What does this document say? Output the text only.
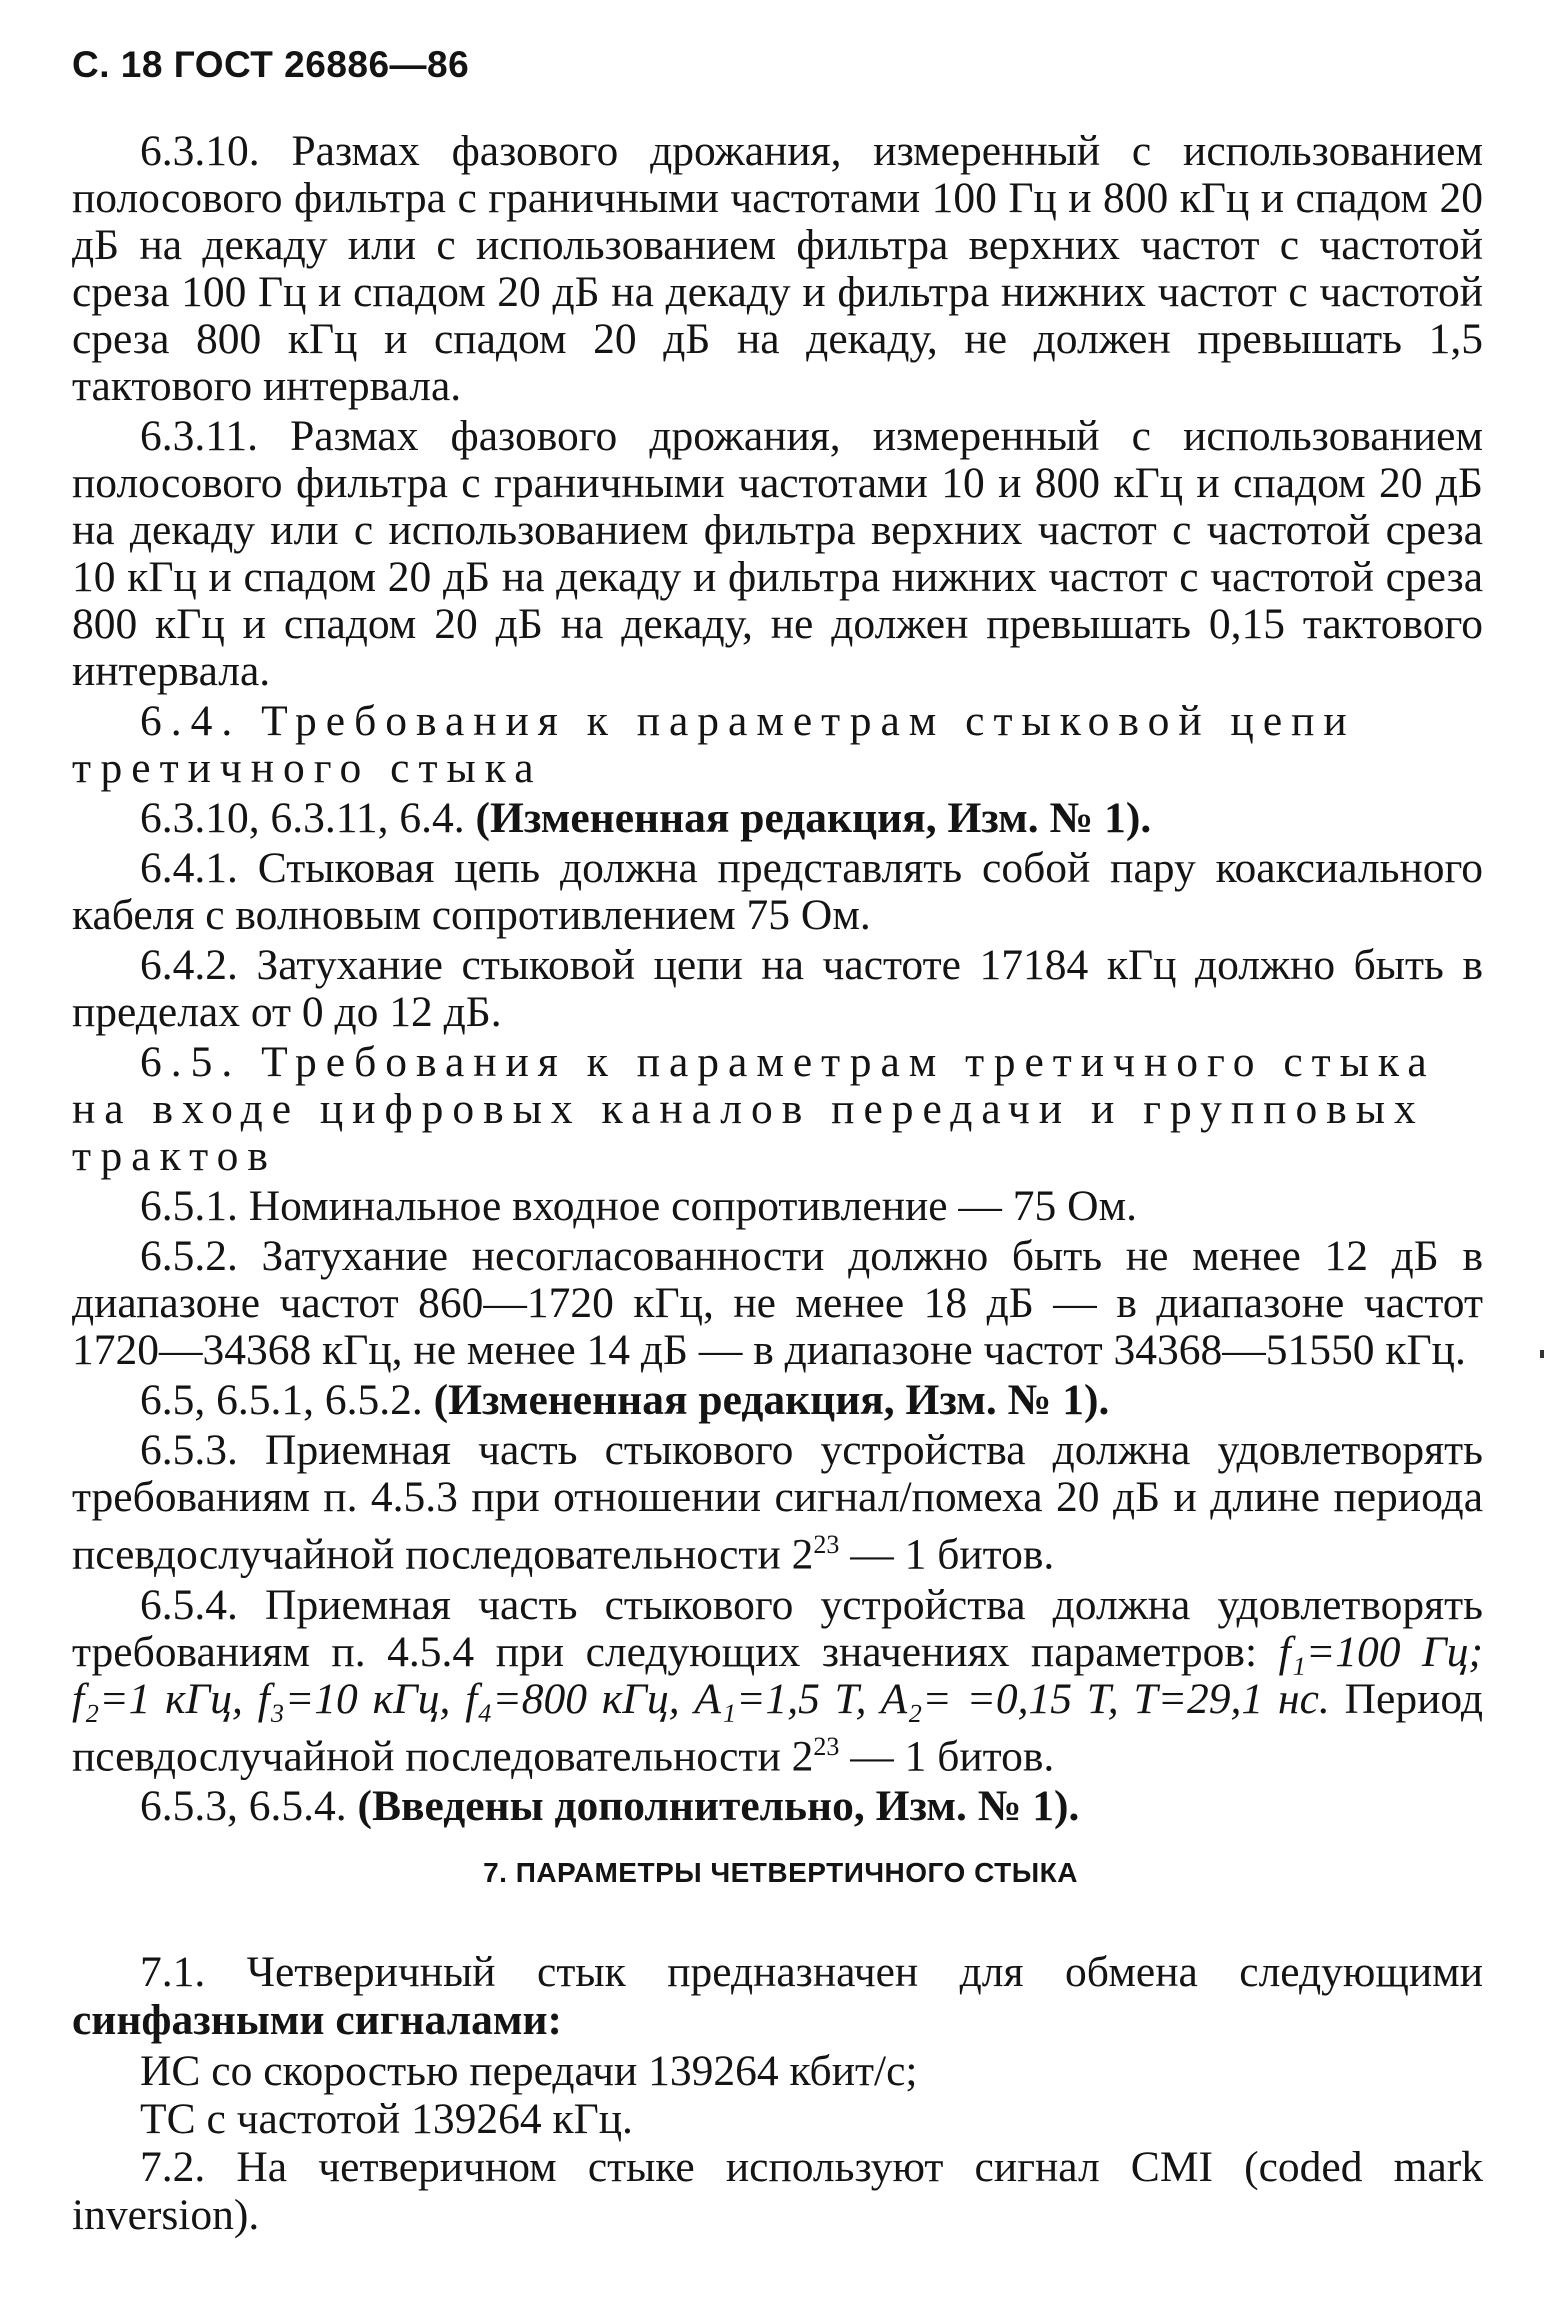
С. 18 ГОСТ 26886—86

6.3.10. Размах фазового дрожания, измеренный с использованием полосового фильтра с граничными частотами 100 Гц и 800 кГц и спадом 20 дБ на декаду или с использованием фильтра верхних частот с частотой среза 100 Гц и спадом 20 дБ на декаду и фильтра нижних частот с частотой среза 800 кГц и спадом 20 дБ на декаду, не должен превышать 1,5 тактового интервала.

6.3.11. Размах фазового дрожания, измеренный с использованием полосового фильтра с граничными частотами 10 и 800 кГц и спадом 20 дБ на декаду или с использованием фильтра верхних частот с частотой среза 10 кГц и спадом 20 дБ на декаду и фильтра нижних частот с частотой среза 800 кГц и спадом 20 дБ на декаду, не должен превышать 0,15 тактового интервала.

6.4. Требования к параметрам стыковой цепи третичного стыка

6.3.10, 6.3.11, 6.4. (Измененная редакция, Изм. № 1).

6.4.1. Стыковая цепь должна представлять собой пару коаксиального кабеля с волновым сопротивлением 75 Ом.

6.4.2. Затухание стыковой цепи на частоте 17184 кГц должно быть в пределах от 0 до 12 дБ.

6.5. Требования к параметрам третичного стыка на входе цифровых каналов передачи и групповых трактов

6.5.1. Номинальное входное сопротивление — 75 Ом.

6.5.2. Затухание несогласованности должно быть не менее 12 дБ в диапазоне частот 860—1720 кГц, не менее 18 дБ — в диапазоне частот 1720—34368 кГц, не менее 14 дБ — в диапазоне частот 34368—51550 кГц.

6.5, 6.5.1, 6.5.2. (Измененная редакция, Изм. № 1).

6.5.3. Приемная часть стыкового устройства должна удовлетворять требованиям п. 4.5.3 при отношении сигнал/помеха 20 дБ и длине периода псевдослучайной последовательности $2^{23}$ — 1 битов.

6.5.4. Приемная часть стыкового устройства должна удовлетворять требованиям п. 4.5.4 при следующих значениях параметров: f₁=100 Гц; f₂=1 кГц, f₃=10 кГц, f₄=800 кГц, A₁=1,5 T, A₂= =0,15 T, T=29,1 нс. Период псевдослучайной последовательности $2^{23}$ — 1 битов.

6.5.3, 6.5.4. (Введены дополнительно, Изм. № 1).

7. ПАРАМЕТРЫ ЧЕТВЕРТИЧНОГО СТЫКА

7.1. Четверичный стык предназначен для обмена следующими синфазными сигналами:

ИС со скоростью передачи 139264 кбит/с;

ТС с частотой 139264 кГц.

7.2. На четверичном стыке используют сигнал CMI (coded mark inversion).
